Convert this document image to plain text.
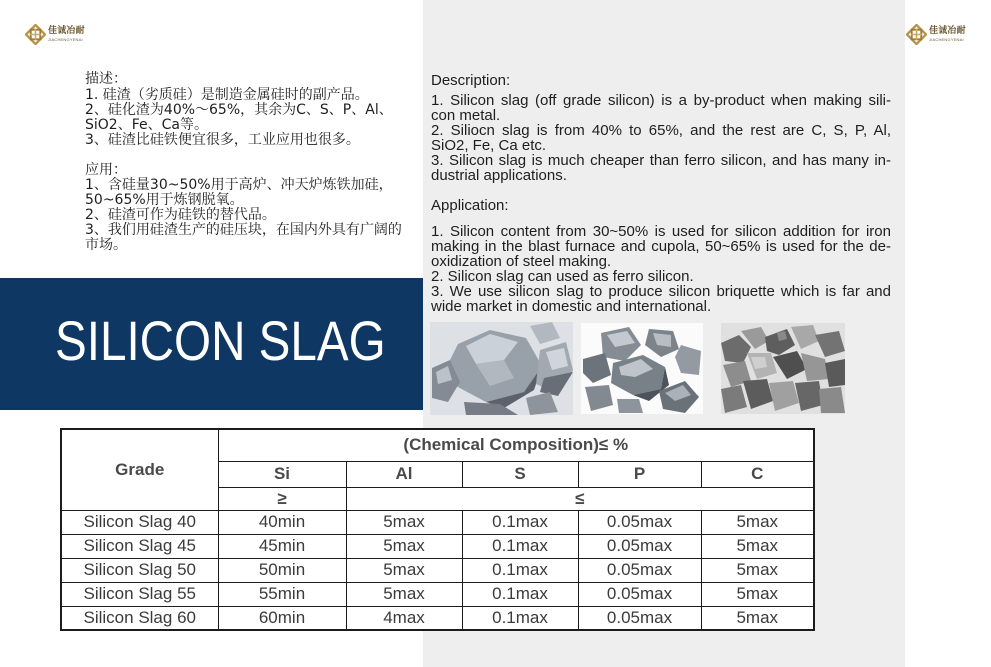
佳诚冶耐
JIACHENGYENAI
佳诚冶耐
JIACHENGYENAI
描述：
1. 硅渣（劣质硅）是制造金属硅时的副产品。
2、硅化渣为40%～65%，其余为C、S、P、Al、
SiO2、Fe、Ca等。
3、硅渣比硅铁便宜很多，工业应用也很多。
应用：
1、含硅量30~50%用于高炉、冲天炉炼铁加硅，
50~65%用于炼钢脱氧。
2、硅渣可作为硅铁的替代品。
3、我们用硅渣生产的硅压块，在国内外具有广阔的
市场。
Description:
1. Silicon slag (off grade silicon) is a by-product when making sili-
con metal.
2. Siliocn slag is from 40% to 65%, and the rest are C, S, P, Al,
SiO2, Fe, Ca etc.
3. Silicon slag is much cheaper than ferro silicon, and has many in-
dustrial applications.
Application:
1. Silicon content from 30~50% is used for silicon addition for iron
making in the blast furnace and cupola, 50~65% is used for the de-
oxidization of steel making.
2. Silicon slag can used as ferro silicon.
3. We use silicon slag to produce silicon briquette which is far and
wide market in domestic and international.
SILICON SLAG
Grade	(Chemical Composition)≤ %				
	Si	Al	S	P	C
	≥	≤			
Silicon Slag 40	40min	5max	0.1max	0.05max	5max
Silicon Slag 45	45min	5max	0.1max	0.05max	5max
Silicon Slag 50	50min	5max	0.1max	0.05max	5max
Silicon Slag 55	55min	5max	0.1max	0.05max	5max
Silicon Slag 60	60min	4max	0.1max	0.05max	5max
